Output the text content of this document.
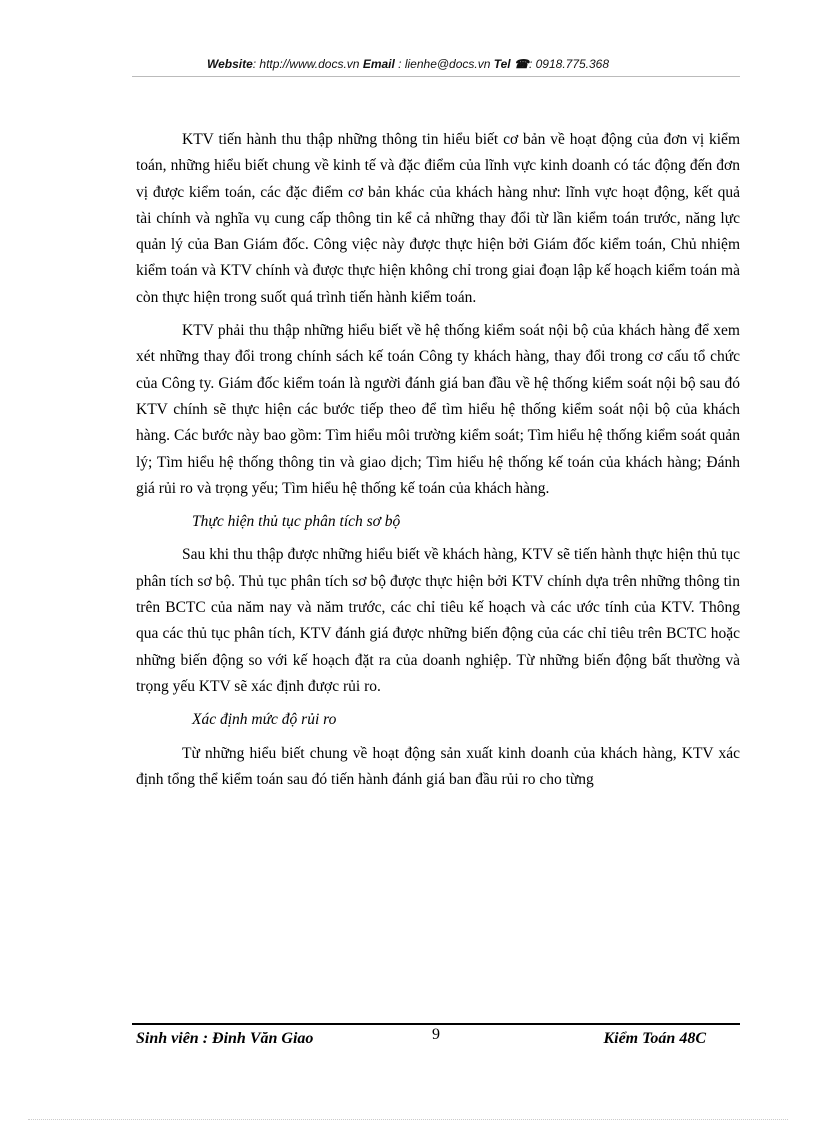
Website: http://www.docs.vn Email : lienhe@docs.vn Tel ☎: 0918.775.368

KTV tiến hành thu thập những thông tin hiểu biết cơ bản về hoạt động của đơn vị kiểm toán, những hiểu biết chung về kinh tế và đặc điểm của lĩnh vực kinh doanh có tác động đến đơn vị được kiểm toán, các đặc điểm cơ bản khác của khách hàng như: lĩnh vực hoạt động, kết quả tài chính và nghĩa vụ cung cấp thông tin kể cả những thay đổi từ lần kiểm toán trước, năng lực quản lý của Ban Giám đốc. Công việc này được thực hiện bởi Giám đốc kiểm toán, Chủ nhiệm kiểm toán và KTV chính và được thực hiện không chỉ trong giai đoạn lập kế hoạch kiểm toán mà còn thực hiện trong suốt quá trình tiến hành kiểm toán.

KTV phải thu thập những hiểu biết về hệ thống kiểm soát nội bộ của khách hàng để xem xét những thay đổi trong chính sách kế toán Công ty khách hàng, thay đổi trong cơ cấu tổ chức của Công ty. Giám đốc kiểm toán là người đánh giá ban đầu về hệ thống kiểm soát nội bộ sau đó KTV chính sẽ thực hiện các bước tiếp theo để tìm hiểu hệ thống kiểm soát nội bộ của khách hàng. Các bước này bao gồm: Tìm hiểu môi trường kiểm soát; Tìm hiểu hệ thống kiểm soát quản lý; Tìm hiểu hệ thống thông tin và giao dịch; Tìm hiểu hệ thống kế toán của khách hàng; Đánh giá rủi ro và trọng yếu; Tìm hiểu hệ thống kế toán của khách hàng.

Thực hiện thủ tục phân tích sơ bộ

Sau khi thu thập được những hiểu biết về khách hàng, KTV sẽ tiến hành thực hiện thủ tục phân tích sơ bộ. Thủ tục phân tích sơ bộ được thực hiện bởi KTV chính dựa trên những thông tin trên BCTC của năm nay và năm trước, các chỉ tiêu kế hoạch và các ước tính của KTV. Thông qua các thủ tục phân tích, KTV đánh giá được những biến động của các chỉ tiêu trên BCTC hoặc những biến động so với kế hoạch đặt ra của doanh nghiệp. Từ những biến động bất thường và trọng yếu KTV sẽ xác định được rủi ro.

Xác định mức độ rủi ro

Từ những hiểu biết chung về hoạt động sản xuất kinh doanh của khách hàng, KTV xác định tổng thể kiểm toán sau đó tiến hành đánh giá ban đầu rủi ro cho từng

Sinh viên : Đinh Văn Giao	9	Kiểm Toán 48C
